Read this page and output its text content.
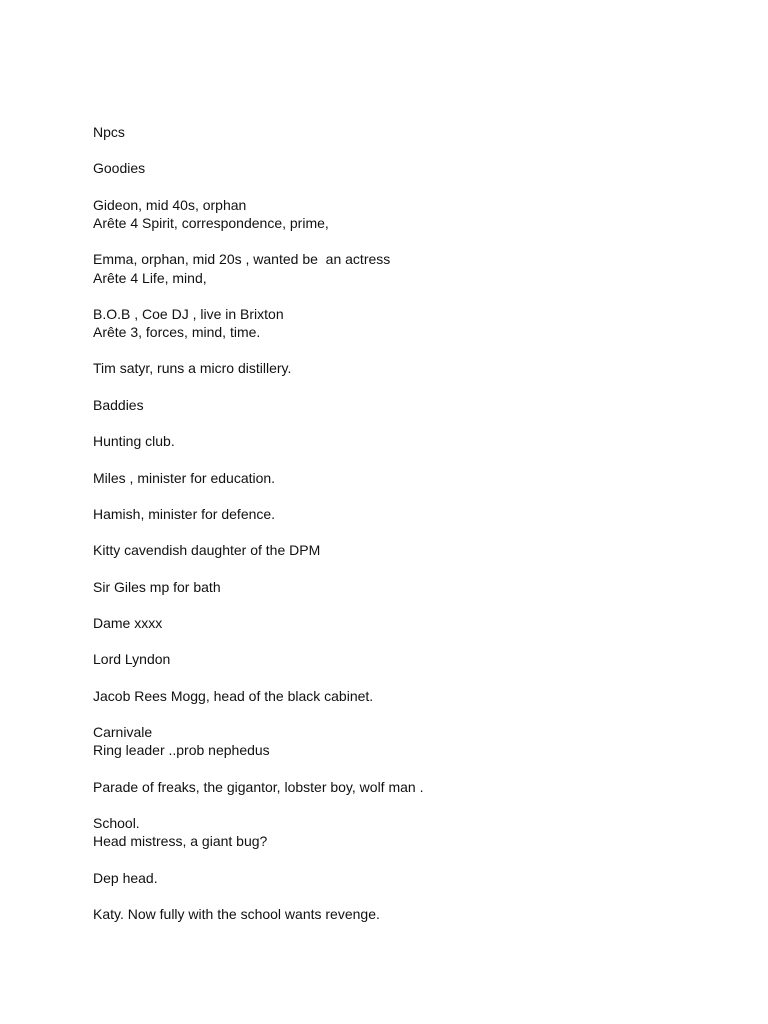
Npcs
Goodies
Gideon, mid 40s, orphan
Arête 4 Spirit, correspondence, prime,
Emma, orphan, mid 20s , wanted be  an actress
Arête 4 Life, mind,
B.O.B , Coe DJ , live in Brixton
Arête 3, forces, mind, time.
Tim satyr, runs a micro distillery.
Baddies
Hunting club.
Miles , minister for education.
Hamish, minister for defence.
Kitty cavendish daughter of the DPM
Sir Giles mp for bath
Dame xxxx
Lord Lyndon
Jacob Rees Mogg, head of the black cabinet.
Carnivale
Ring leader ..prob nephedus
Parade of freaks, the gigantor, lobster boy, wolf man .
School.
Head mistress, a giant bug?
Dep head.
Katy. Now fully with the school wants revenge.
